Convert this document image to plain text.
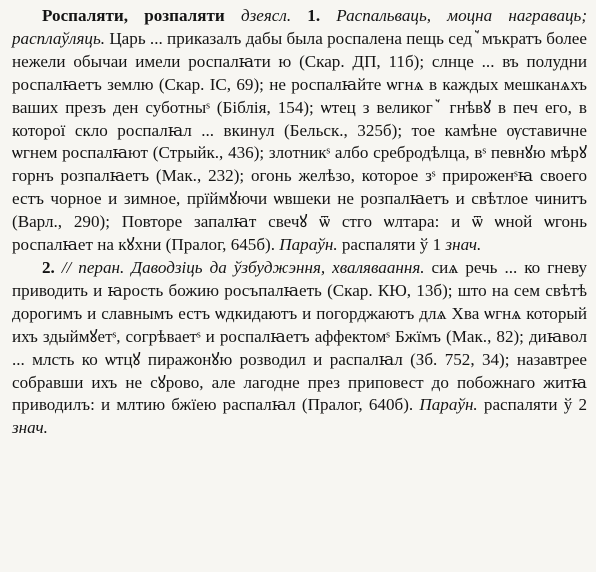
Роспаляти, розпаляти дзеясл. 1. Распальваць, моцна награваць; расплаўляць. Царь ... приказалъ дабы была роспалена пещь седꙿмъкратъ более нежели обычаи имели роспалꙗти ю (Скар. ДП, 11б); слнце ... въ полудни роспалꙗетъ землю (Скар. ІС, 69); не роспалꙗйте ѡгнѧ в каждых мешканѧхъ ваших презъ ден суботныˢ (Біблія, 154); ѡтец з великогꙿ гнѣвꙋ в печ его, в которої скло роспалꙗл ... вкинул (Бельск., 325б); тое камѣне ѹставичне ѡгнем роспалꙗют (Стрыйк., 436); злотникˢ албо сребродѣлца, вˢ певнꙋю мѣрꙋ горнъ розпалꙗетъ (Мак., 232); огонь желѣзо, которое зˢ прироженˢꙗ своего естъ чорное и зимное, прїймꙋючи ѡвшеки не розпалꙗетъ и свѣтлое чинитъ (Варл., 290); Повторе запалꙗт свечꙋ ѿ стго ѡлтара: и ѿ ѡной ѡгонь роспалꙗет на кꙋхни (Пралог, 645б). Параўн. распаляти ў 1 знач.

2. // перан. Даводзіць да ўзбуджэння, хваляваання. сиѧ речь ... ко гневу приводить и ꙗрость божию росъпалꙗеть (Скар. КЮ, 13б); што на сем свѣтѣ дорогимъ и славнымъ естъ ѡдкидаютъ и погорджаютъ длѧ Хва ѡгнѧ который ихъ здыймꙋетˢ, согрѣваетˢ и роспалꙗетъ аффектомˢ Бжїмъ (Мак., 82); диꙗвол ... млсть ко ѡтцꙋ пиражонꙋю розводил и распалꙗл (Зб. 752, 34); назавтрее собравши ихъ не сꙋрово, але лагодне през приповест до побожнаго житꙗ приводилъ: и млтию бжїею распалꙗл (Пралог, 640б). Параўн. распаляти ў 2 знач.
